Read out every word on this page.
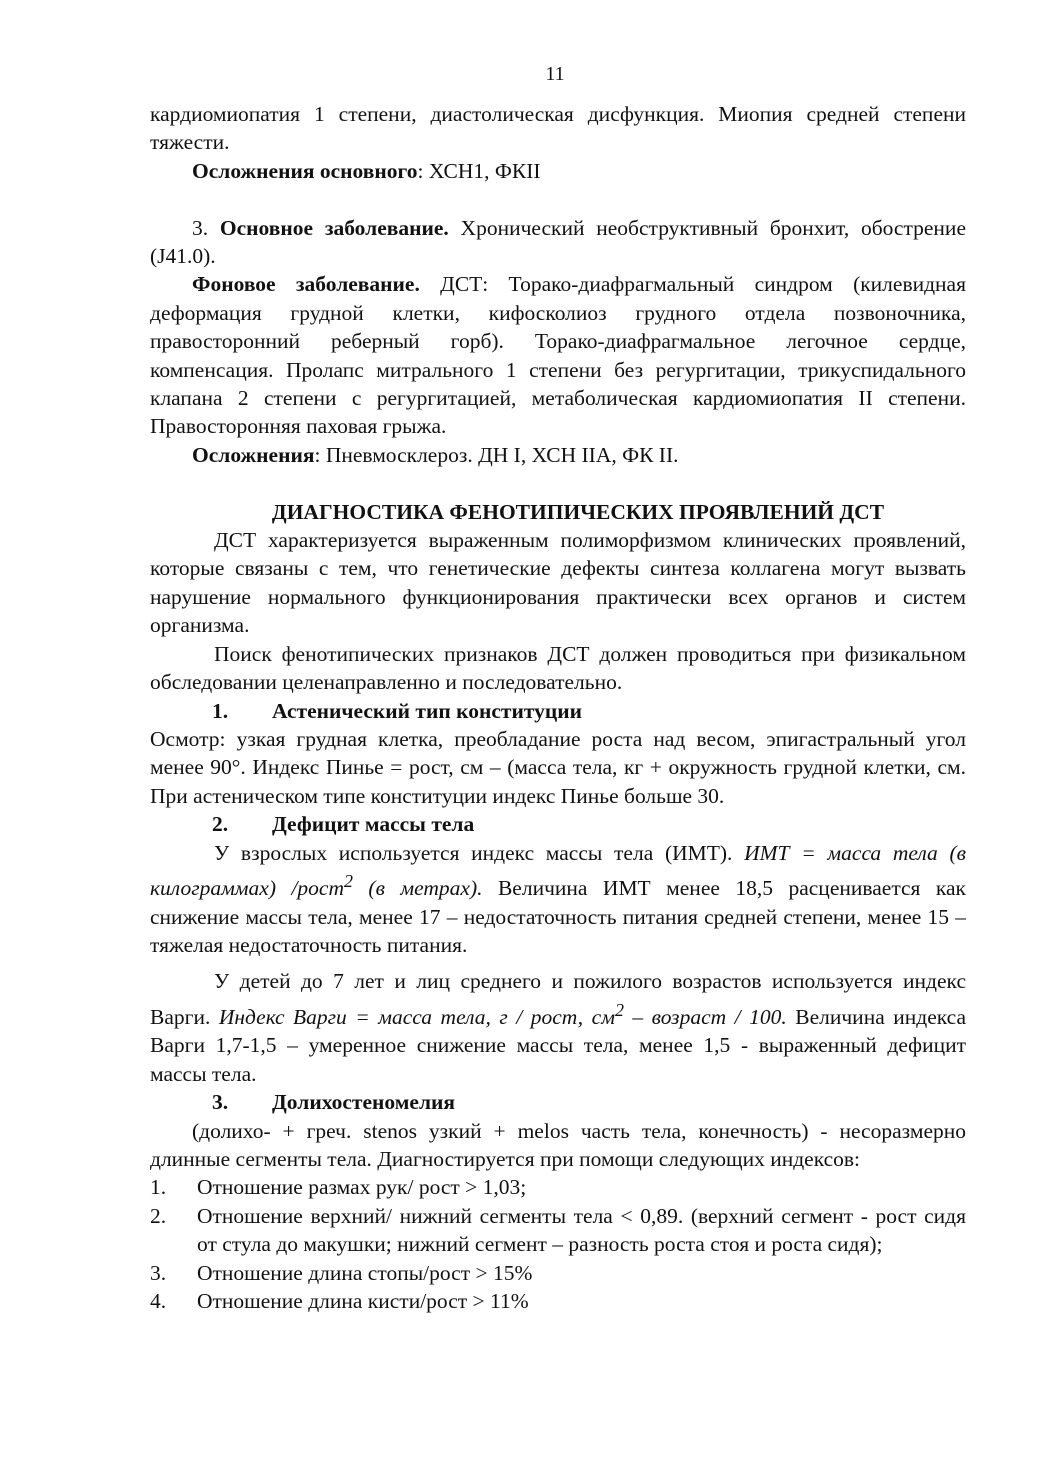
11

кардиомиопатия 1 степени, диастолическая дисфункция. Миопия средней степени тяжести.

Осложнения основного: ХСН1, ФКII

3. Основное заболевание. Хронический необструктивный бронхит, обострение (J41.0).

Фоновое заболевание. ДСТ: Торако-диафрагмальный синдром (килевидная деформация грудной клетки, кифосколиоз грудного отдела позвоночника, правосторонний реберный горб). Торако-диафрагмальное легочное сердце, компенсация. Пролапс митрального 1 степени без регургитации, трикуспидального клапана 2 степени с регургитацией, метаболическая кардиомиопатия II степени. Правосторонняя паховая грыжа.

Осложнения: Пневмосклероз. ДН I, ХСН IIA, ФК II.

ДИАГНОСТИКА ФЕНОТИПИЧЕСКИХ ПРОЯВЛЕНИЙ ДСТ

ДСТ характеризуется выраженным полиморфизмом клинических проявлений, которые связаны с тем, что генетические дефекты синтеза коллагена могут вызвать нарушение нормального функционирования практически всех органов и систем организма.

Поиск фенотипических признаков ДСТ должен проводиться при физикальном обследовании целенаправленно и последовательно.

1. Астенический тип конституции

Осмотр: узкая грудная клетка, преобладание роста над весом, эпигастральный угол менее 90°. Индекс Пинье = рост, см – (масса тела, кг + окружность грудной клетки, см. При астеническом типе конституции индекс Пинье больше 30.

2. Дефицит массы тела

У взрослых используется индекс массы тела (ИМТ). ИМТ = масса тела (в килограммах) /рост$^2$ (в метрах). Величина ИМТ менее 18,5 расценивается как снижение массы тела, менее 17 – недостаточность питания средней степени, менее 15 – тяжелая недостаточность питания.

У детей до 7 лет и лиц среднего и пожилого возрастов используется индекс Варги. Индекс Варги = масса тела, г / рост, $см^2$ – возраст / 100. Величина индекса Варги 1,7-1,5 – умеренное снижение массы тела, менее 1,5 - выраженный дефицит массы тела.

3. Долихостеномелия

(долихо- + греч. stenos узкий + melos часть тела, конечность) - несоразмерно длинные сегменты тела. Диагностируется при помощи следующих индексов:

1.	Отношение размах рук/ рост > 1,03;
2.	Отношение верхний/ нижний сегменты тела < 0,89. (верхний сегмент - рост сидя от стула до макушки; нижний сегмент – разность роста стоя и роста сидя);
3.	Отношение длина стопы/рост > 15%
4.	Отношение длина кисти/рост > 11%
